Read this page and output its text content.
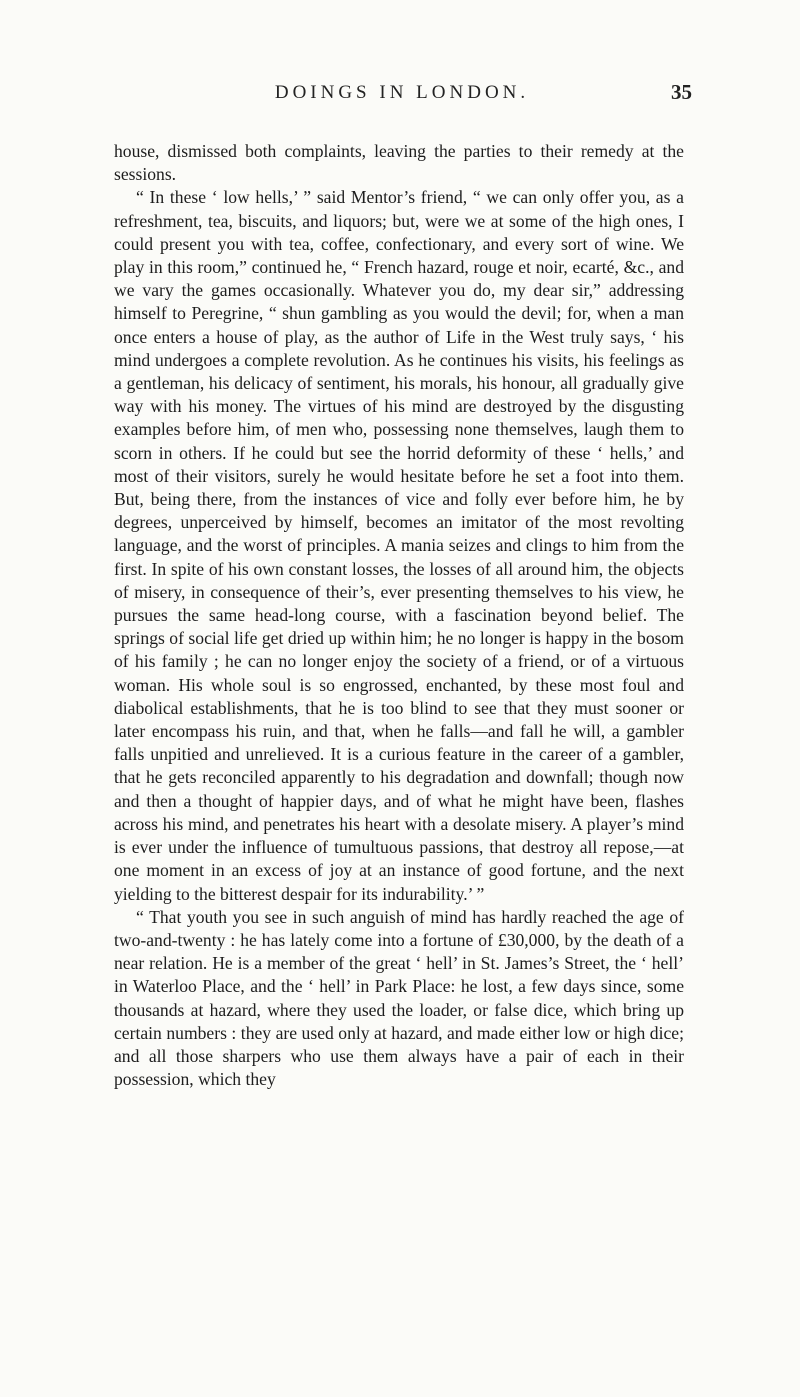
DOINGS IN LONDON.	35

house, dismissed both complaints, leaving the parties to their remedy at the sessions.

“ In these ‘ low hells,’ ” said Mentor’s friend, “ we can only offer you, as a refreshment, tea, biscuits, and liquors; but, were we at some of the high ones, I could present you with tea, coffee, confectionary, and every sort of wine. We play in this room,” continued he, “ French hazard, rouge et noir, ecarté, &c., and we vary the games occasionally. Whatever you do, my dear sir,” addressing himself to Peregrine, “ shun gambling as you would the devil; for, when a man once enters a house of play, as the author of Life in the West truly says, ‘ his mind undergoes a complete revolution. As he continues his visits, his feelings as a gentleman, his delicacy of sentiment, his morals, his honour, all gradually give way with his money. The virtues of his mind are destroyed by the disgusting examples before him, of men who, possessing none themselves, laugh them to scorn in others. If he could but see the horrid deformity of these ‘ hells,’ and most of their visitors, surely he would hesitate before he set a foot into them. But, being there, from the instances of vice and folly ever before him, he by degrees, unperceived by himself, becomes an imitator of the most revolting language, and the worst of principles. A mania seizes and clings to him from the first. In spite of his own constant losses, the losses of all around him, the objects of misery, in consequence of their’s, ever presenting themselves to his view, he pursues the same head-long course, with a fascination beyond belief. The springs of social life get dried up within him; he no longer is happy in the bosom of his family ; he can no longer enjoy the society of a friend, or of a virtuous woman. His whole soul is so engrossed, enchanted, by these most foul and diabolical establishments, that he is too blind to see that they must sooner or later encompass his ruin, and that, when he falls—and fall he will, a gambler falls unpitied and unrelieved. It is a curious feature in the career of a gambler, that he gets reconciled apparently to his degradation and downfall; though now and then a thought of happier days, and of what he might have been, flashes across his mind, and penetrates his heart with a desolate misery. A player’s mind is ever under the influence of tumultuous passions, that destroy all repose,—at one moment in an excess of joy at an instance of good fortune, and the next yielding to the bitterest despair for its indurability.’ ”

“ That youth you see in such anguish of mind has hardly reached the age of two-and-twenty : he has lately come into a fortune of £30,000, by the death of a near relation. He is a member of the great ‘ hell’ in St. James’s Street, the ‘ hell’ in Waterloo Place, and the ‘ hell’ in Park Place: he lost, a few days since, some thousands at hazard, where they used the loader, or false dice, which bring up certain numbers : they are used only at hazard, and made either low or high dice; and all those sharpers who use them always have a pair of each in their possession, which they
